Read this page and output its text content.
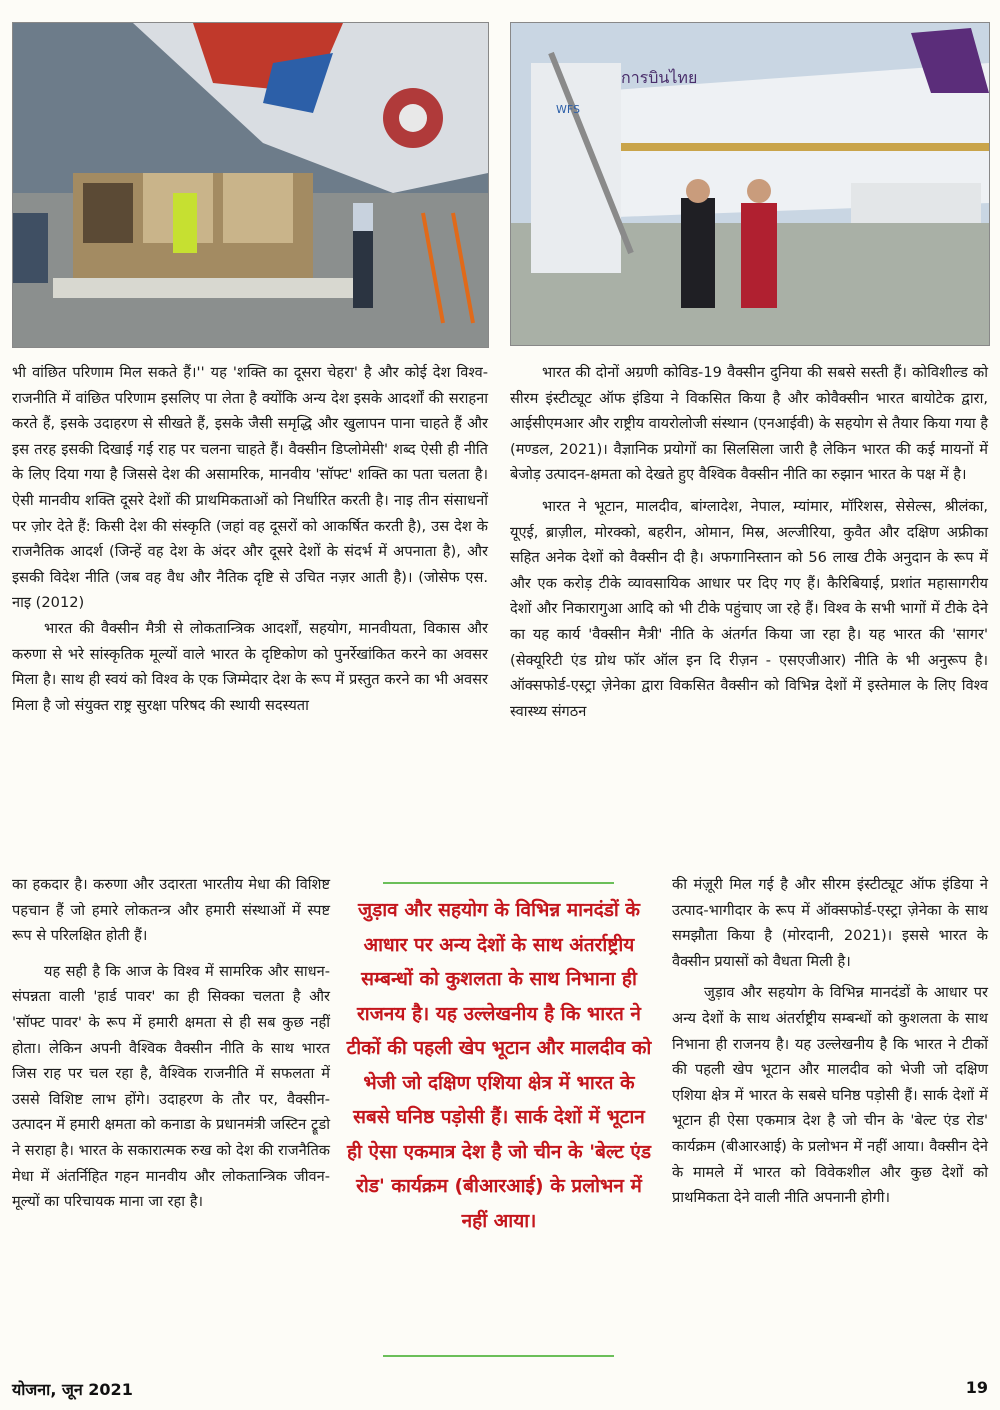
การบินไทย
WFS

भी वांछित परिणाम मिल सकते हैं।'' यह 'शक्ति का दूसरा चेहरा' है और कोई देश विश्व-राजनीति में वांछित परिणाम इसलिए पा लेता है क्योंकि अन्य देश इसके आदर्शों की सराहना करते हैं, इसके उदाहरण से सीखते हैं, इसके जैसी समृद्धि और खुलापन पाना चाहते हैं और इस तरह इसकी दिखाई गई राह पर चलना चाहते हैं। वैक्सीन डिप्लोमेसी' शब्द ऐसी ही नीति के लिए दिया गया है जिससे देश की असामरिक, मानवीय 'सॉफ्ट' शक्ति का पता चलता है। ऐसी मानवीय शक्ति दूसरे देशों की प्राथमिकताओं को निर्धारित करती है। नाइ तीन संसाधनों पर ज़ोर देते हैं: किसी देश की संस्कृति (जहां वह दूसरों को आकर्षित करती है), उस देश के राजनैतिक आदर्श (जिन्हें वह देश के अंदर और दूसरे देशों के संदर्भ में अपनाता है), और इसकी विदेश नीति (जब वह वैध और नैतिक दृष्टि से उचित नज़र आती है)। (जोसेफ एस. नाइ (2012)

भारत की वैक्सीन मैत्री से लोकतान्त्रिक आदर्शों, सहयोग, मानवीयता, विकास और करुणा से भरे सांस्कृतिक मूल्यों वाले भारत के दृष्टिकोण को पुनर्रेखांकित करने का अवसर मिला है। साथ ही स्वयं को विश्व के एक जिम्मेदार देश के रूप में प्रस्तुत करने का भी अवसर मिला है जो संयुक्त राष्ट्र सुरक्षा परिषद की स्थायी सदस्यता

का हकदार है। करुणा और उदारता भारतीय मेधा की विशिष्ट पहचान हैं जो हमारे लोकतन्त्र और हमारी संस्थाओं में स्पष्ट रूप से परिलक्षित होती हैं।

यह सही है कि आज के विश्व में सामरिक और साधन-संपन्नता वाली 'हार्ड पावर' का ही सिक्का चलता है और 'सॉफ्ट पावर' के रूप में हमारी क्षमता से ही सब कुछ नहीं होता। लेकिन अपनी वैश्विक वैक्सीन नीति के साथ भारत जिस राह पर चल रहा है, वैश्विक राजनीति में सफलता में उससे विशिष्ट लाभ होंगे। उदाहरण के तौर पर, वैक्सीन-उत्पादन में हमारी क्षमता को कनाडा के प्रधानमंत्री जस्टिन ट्रूडो ने सराहा है। भारत के सकारात्मक रुख को देश की राजनैतिक मेधा में अंतर्निहित गहन मानवीय और लोकतान्त्रिक जीवन-मूल्यों का परिचायक माना जा रहा है।

भारत की दोनों अग्रणी कोविड-19 वैक्सीन दुनिया की सबसे सस्ती हैं। कोविशील्ड को सीरम इंस्टीट्यूट ऑफ इंडिया ने विकसित किया है और कोवैक्सीन भारत बायोटेक द्वारा, आईसीएमआर और राष्ट्रीय वायरोलोजी संस्थान (एनआईवी) के सहयोग से तैयार किया गया है (मण्डल, 2021)। वैज्ञानिक प्रयोगों का सिलसिला जारी है लेकिन भारत की कई मायनों में बेजोड़ उत्पादन-क्षमता को देखते हुए वैश्विक वैक्सीन नीति का रुझान भारत के पक्ष में है।

भारत ने भूटान, मालदीव, बांग्लादेश, नेपाल, म्यांमार, मॉरिशस, सेसेल्स, श्रीलंका, यूएई, ब्राज़ील, मोरक्को, बहरीन, ओमान, मिस्र, अल्जीरिया, कुवैत और दक्षिण अफ्रीका सहित अनेक देशों को वैक्सीन दी है। अफगानिस्तान को 56 लाख टीके अनुदान के रूप में और एक करोड़ टीके व्यावसायिक आधार पर दिए गए हैं। कैरिबियाई, प्रशांत महासागरीय देशों और निकारागुआ आदि को भी टीके पहुंचाए जा रहे हैं। विश्व के सभी भागों में टीके देने का यह कार्य 'वैक्सीन मैत्री' नीति के अंतर्गत किया जा रहा है। यह भारत की 'सागर' (सेक्यूरिटी एंड ग्रोथ फॉर ऑल इन दि रीज़न - एसएजीआर) नीति के भी अनुरूप है। ऑक्सफोर्ड-एस्ट्रा ज़ेनेका द्वारा विकसित वैक्सीन को विभिन्न देशों में इस्तेमाल के लिए विश्व स्वास्थ्य संगठन

की मंज़ूरी मिल गई है और सीरम इंस्टीट्यूट ऑफ इंडिया ने उत्पाद-भागीदार के रूप में ऑक्सफोर्ड-एस्ट्रा ज़ेनेका के साथ समझौता किया है (मोरदानी, 2021)। इससे भारत के वैक्सीन प्रयासों को वैधता मिली है।

जुड़ाव और सहयोग के विभिन्न मानदंडों के आधार पर अन्य देशों के साथ अंतर्राष्ट्रीय सम्बन्धों को कुशलता के साथ निभाना ही राजनय है। यह उल्लेखनीय है कि भारत ने टीकों की पहली खेप भूटान और मालदीव को भेजी जो दक्षिण एशिया क्षेत्र में भारत के सबसे घनिष्ठ पड़ोसी हैं। सार्क देशों में भूटान ही ऐसा एकमात्र देश है जो चीन के 'बेल्ट एंड रोड' कार्यक्रम (बीआरआई) के प्रलोभन में नहीं आया। वैक्सीन देने के मामले में भारत को विवेकशील और कुछ देशों को प्राथमिकता देने वाली नीति अपनानी होगी।

जुड़ाव और सहयोग के विभिन्न मानदंडों के आधार पर अन्य देशों के साथ अंतर्राष्ट्रीय सम्बन्धों को कुशलता के साथ निभाना ही राजनय है। यह उल्लेखनीय है कि भारत ने टीकों की पहली खेप भूटान और मालदीव को भेजी जो दक्षिण एशिया क्षेत्र में भारत के सबसे घनिष्ठ पड़ोसी हैं। सार्क देशों में भूटान ही ऐसा एकमात्र देश है जो चीन के 'बेल्ट एंड रोड' कार्यक्रम (बीआरआई) के प्रलोभन में नहीं आया।
योजना, जून 2021	19
